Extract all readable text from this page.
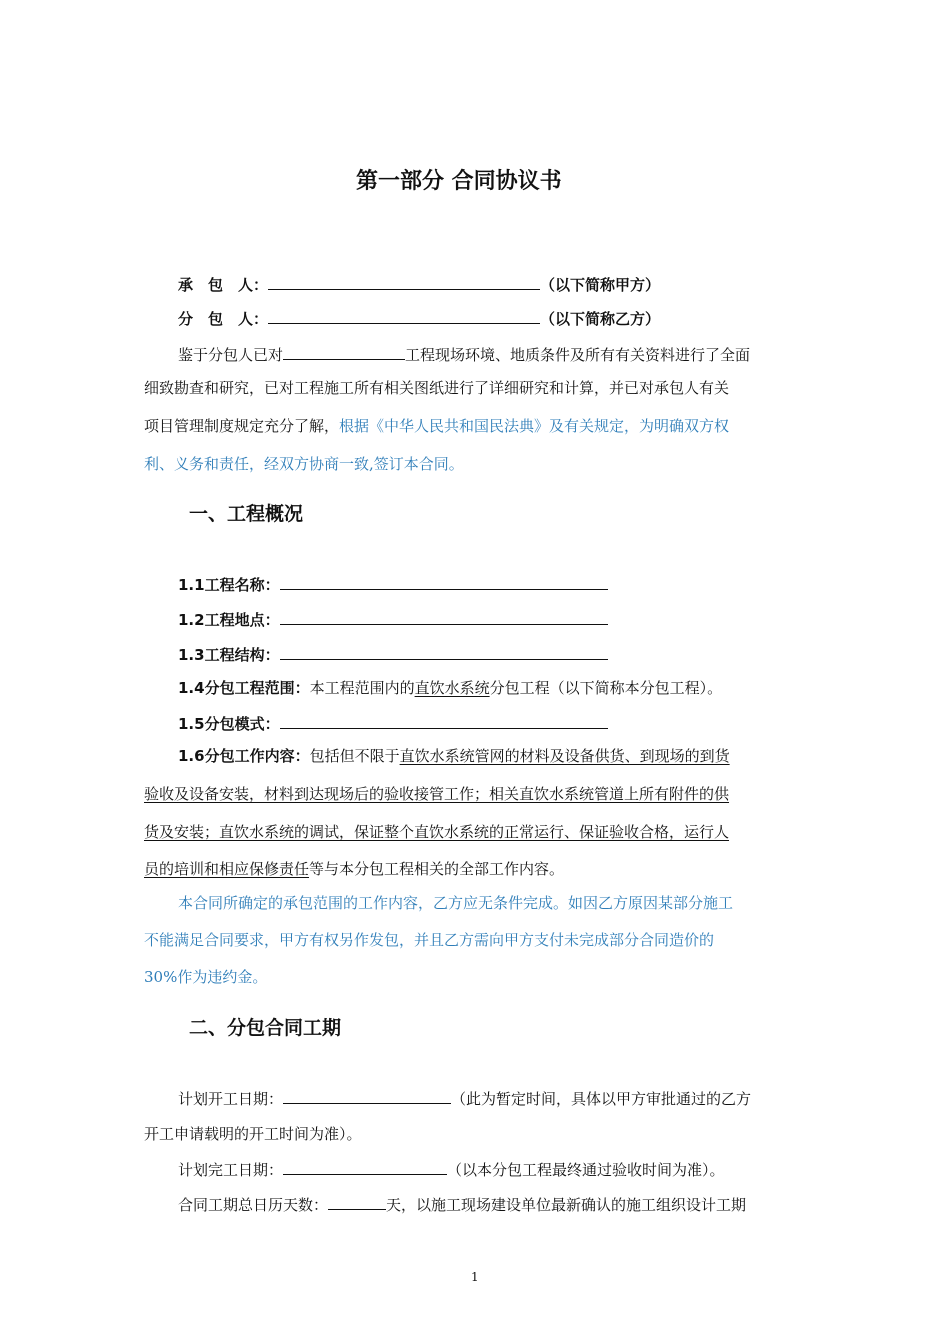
第一部分 合同协议书
承　包　人：	（以下简称甲方）
分　包　人：	（以下简称乙方）
鉴于分包人已对	工程现场环境、地质条件及所有有关资料进行了全面
细致勘查和研究，已对工程施工所有相关图纸进行了详细研究和计算，并已对承包人有关
项目管理制度规定充分了解，根据《中华人民共和国民法典》及有关规定，为明确双方权
利、义务和责任，经双方协商一致,签订本合同。
一、工程概况
1.1工程名称：
1.2工程地点：
1.3工程结构：
1.4分包工程范围：本工程范围内的直饮水系统分包工程（以下简称本分包工程）。
1.5分包模式：
1.6分包工作内容：包括但不限于直饮水系统管网的材料及设备供货、到现场的到货
验收及设备安装，材料到达现场后的验收接管工作；相关直饮水系统管道上所有附件的供
货及安装；直饮水系统的调试，保证整个直饮水系统的正常运行、保证验收合格，运行人
员的培训和相应保修责任等与本分包工程相关的全部工作内容。
本合同所确定的承包范围的工作内容，乙方应无条件完成。如因乙方原因某部分施工
不能满足合同要求，甲方有权另作发包，并且乙方需向甲方支付未完成部分合同造价的
30%作为违约金。
二、分包合同工期
计划开工日期：	（此为暂定时间，具体以甲方审批通过的乙方
开工申请载明的开工时间为准）。
计划完工日期：	（以本分包工程最终通过验收时间为准）。
合同工期总日历天数：	天，以施工现场建设单位最新确认的施工组织设计工期
1
